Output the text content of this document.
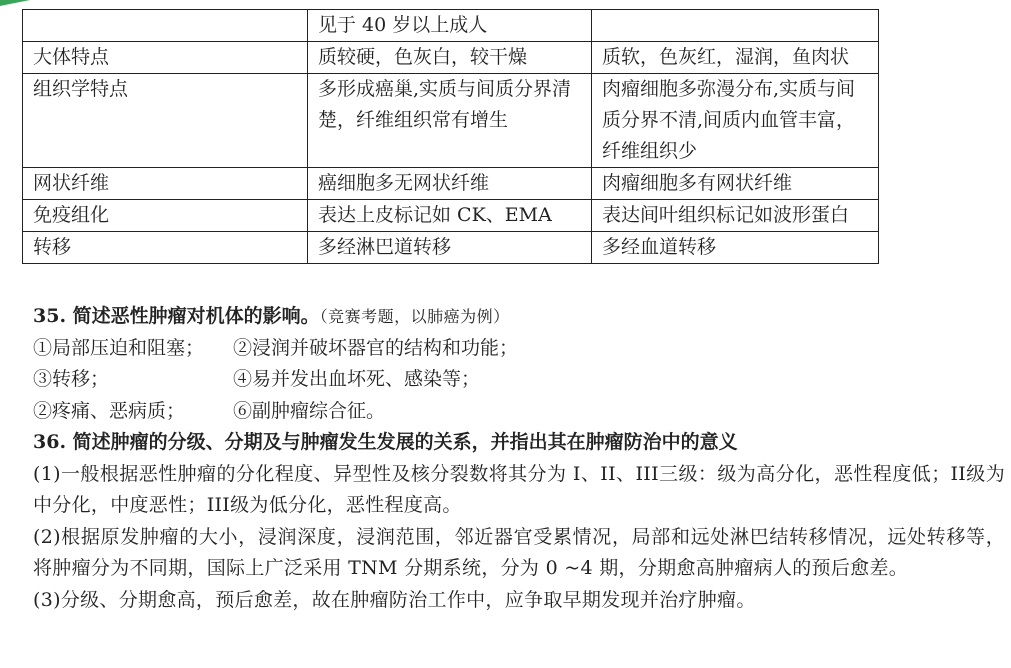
	见于 40 岁以上成人	
大体特点	质较硬，色灰白，较干燥	质软，色灰红，湿润，鱼肉状
组织学特点	多形成癌巢,实质与间质分界清楚，纤维组织常有增生	肉瘤细胞多弥漫分布,实质与间质分界不清,间质内血管丰富，纤维组织少
网状纤维	癌细胞多无网状纤维	肉瘤细胞多有网状纤维
免疫组化	表达上皮标记如 CK、EMA	表达间叶组织标记如波形蛋白
转移	多经淋巴道转移	多经血道转移

35. 简述恶性肿瘤对机体的影响。（竞赛考题，以肺癌为例）

①局部压迫和阻塞； ②浸润并破坏器官的结构和功能；

③转移；	④易并发出血坏死、感染等；

②疼痛、恶病质；	⑥副肿瘤综合征。

36. 简述肿瘤的分级、分期及与肿瘤发生发展的关系，并指出其在肿瘤防治中的意义

(1)一般根据恶性肿瘤的分化程度、异型性及核分裂数将其分为 I、II、III三级：级为高分化，恶性程度低；II级为中分化，中度恶性；III级为低分化，恶性程度高。

(2)根据原发肿瘤的大小，浸润深度，浸润范围，邻近器官受累情况，局部和远处淋巴结转移情况，远处转移等，将肿瘤分为不同期，国际上广泛采用 TNM 分期系统，分为 0 ~4 期，分期愈高肿瘤病人的预后愈差。

(3)分级、分期愈高，预后愈差，故在肿瘤防治工作中，应争取早期发现并治疗肿瘤。
